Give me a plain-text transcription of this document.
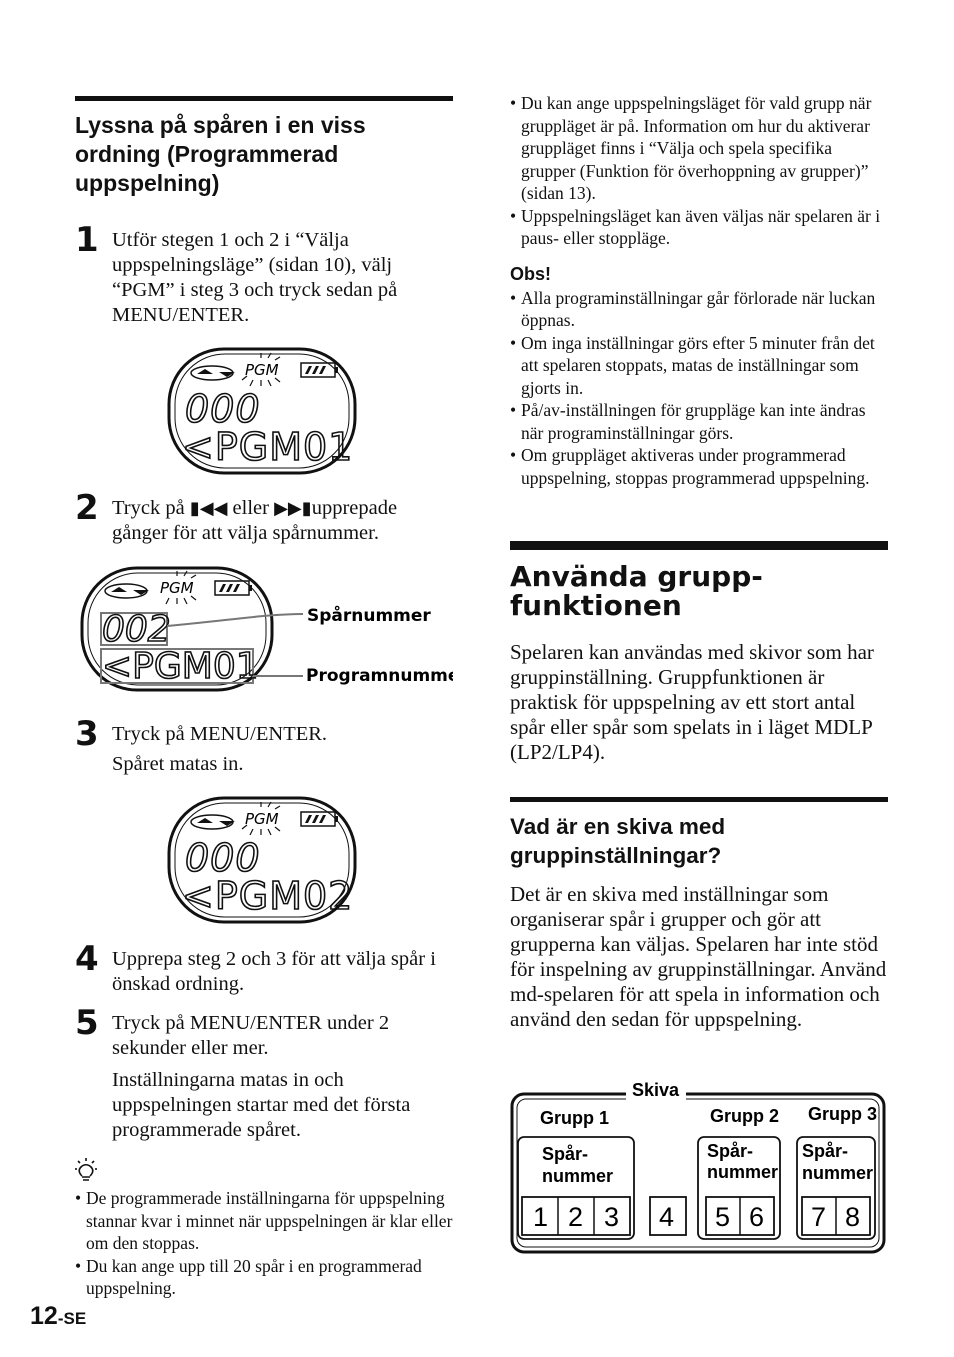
Lyssna på spåren i en viss ordning (Programmerad uppspelning)
1 Utför stegen 1 och 2 i “Välja uppspelningsläge” (sidan 10), välj “PGM” i steg 3 och tryck sedan på MENU/ENTER.

PGM
000
<PGM01
2 Tryck på ▮◀◀ eller ▶▶▮upprepade gånger för att välja spårnummer.

PGM
002
<PGM01
Spårnummer
Programnummer
3 Tryck på MENU/ENTER.

Spåret matas in.

PGM
000
<PGM02
4 Upprepa steg 2 och 3 för att välja spår i önskad ordning.

5 Tryck på MENU/ENTER under 2 sekunder eller mer.

Inställningarna matas in och uppspelningen startar med det första programmerade spåret.

• De programmerade inställningarna för uppspelning stannar kvar i minnet när uppspelningen är klar eller om den stoppas.
• Du kan ange upp till 20 spår i en programmerad uppspelning.
12-SE
• Du kan ange uppspelningsläget för vald grupp när gruppläget är på. Information om hur du aktiverar gruppläget finns i “Välja och spela specifika grupper (Funktion för överhoppning av grupper)” (sidan 13).
• Uppspelningsläget kan även väljas när spelaren är i paus- eller stoppläge.
Obs!
• Alla programinställningar går förlorade när luckan öppnas.
• Om inga inställningar görs efter 5 minuter från det att spelaren stoppats, matas de inställningar som gjorts in.
• På/av-inställningen för gruppläge kan inte ändras när programinställningar görs.
• Om gruppläget aktiveras under programmerad uppspelning, stoppas programmerad uppspelning.
Använda grupp-
funktionen

Spelaren kan användas med skivor som har gruppinställning. Gruppfunktionen är praktisk för uppspelning av ett stort antal spår eller spår som spelats in i läget MDLP (LP2/LP4).

Vad är en skiva med gruppinställningar?

Det är en skiva med inställningar som organiserar spår i grupper och gör att grupperna kan väljas. Spelaren har inte stöd för inspelning av gruppinställningar. Använd md-spelaren för att spela in information och använd den sedan för uppspelning.

Skiva
Grupp 1
Spår-
nummer
1 2 3 4
Grupp 2
Spår-
nummer
5 6
Grupp 3
Spår-
nummer
7 8
